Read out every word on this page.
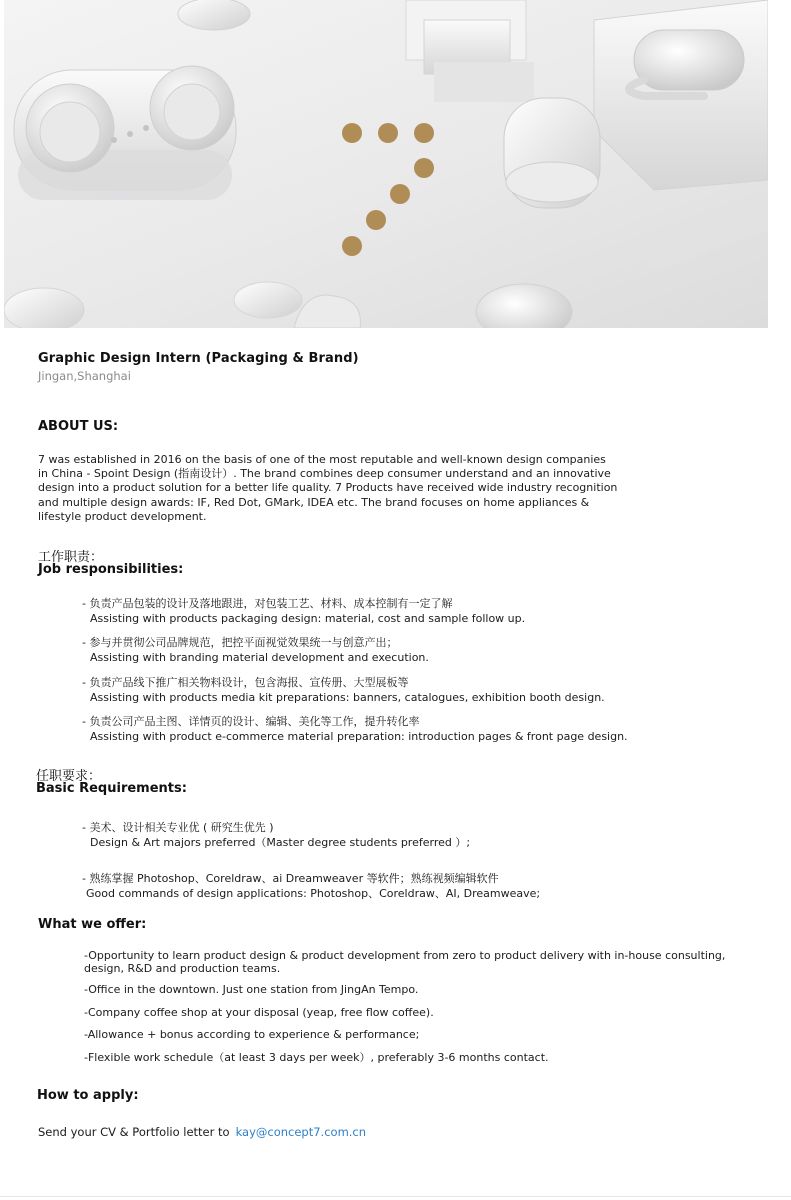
Graphic Design Intern (Packaging & Brand)
Jingan,Shanghai
ABOUT US:
7 was established in 2016 on the basis of one of the most reputable and well-known design companies
in China - Spoint Design (指南设计）. The brand combines deep consumer understand and an innovative
design into a product solution for a better life quality. 7 Products have received wide industry recognition
and multiple design awards: IF, Red Dot, GMark, IDEA etc. The brand focuses on home appliances &
lifestyle product development.
工作职责：
Job responsibilities:
- 负责产品包装的设计及落地跟进，对包装工艺、材料、成本控制有一定了解
Assisting with products packaging design: material, cost and sample follow up.
- 参与并贯彻公司品牌规范，把控平面视觉效果统一与创意产出；
Assisting with branding material development and execution.
- 负责产品线下推广相关物料设计，包含海报、宣传册、大型展板等
Assisting with products media kit preparations: banners, catalogues, exhibition booth design.
- 负责公司产品主图、详情页的设计、编辑、美化等工作，提升转化率
Assisting with product e-commerce material preparation: introduction pages & front page design.
任职要求：
Basic Requirements:
- 美术、设计相关专业优 ( 研究生优先 )
Design & Art majors preferred（Master degree students preferred ）;
- 熟练掌握 Photoshop、Coreldraw、ai Dreamweaver 等软件；熟练视频编辑软件
Good commands of design applications: Photoshop、Coreldraw、AI, Dreamweave;
What we offer:
-Opportunity to learn product design & product development from zero to product delivery with in-house consulting, design, R&D and production teams.
-Office in the downtown. Just one station from JingAn Tempo.
-Company coffee shop at your disposal (yeap, free flow coffee).
-Allowance + bonus according to experience & performance;
-Flexible work schedule（at least 3 days per week）, preferably 3-6 months contact.
How to apply:
Send your CV & Portfolio letter to kay@concept7.com.cn
